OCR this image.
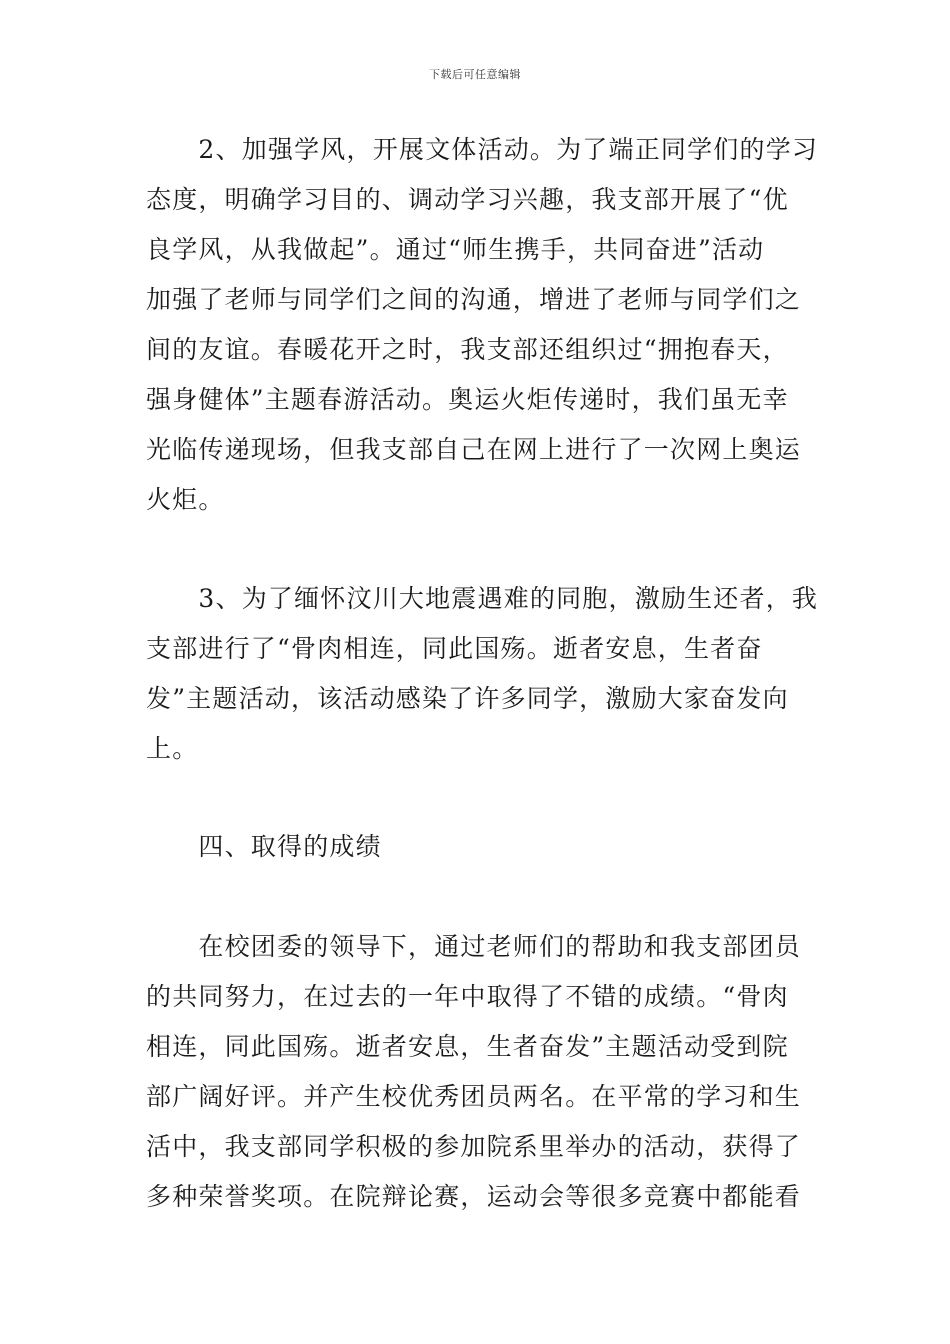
下载后可任意编辑
　　2、加强学风，开展文体活动。为了端正同学们的学习
态度，明确学习目的、调动学习兴趣，我支部开展了“优
良学风，从我做起”。通过“师生携手，共同奋进”活动
加强了老师与同学们之间的沟通，增进了老师与同学们之
间的友谊。春暖花开之时，我支部还组织过“拥抱春天，
强身健体”主题春游活动。奥运火炬传递时，我们虽无幸
光临传递现场，但我支部自己在网上进行了一次网上奥运
火炬。
　　3、为了缅怀汶川大地震遇难的同胞，激励生还者，我
支部进行了“骨肉相连，同此国殇。逝者安息，生者奋
发”主题活动，该活动感染了许多同学，激励大家奋发向
上。
　　四、取得的成绩
　　在校团委的领导下，通过老师们的帮助和我支部团员
的共同努力，在过去的一年中取得了不错的成绩。“骨肉
相连，同此国殇。逝者安息，生者奋发”主题活动受到院
部广阔好评。并产生校优秀团员两名。在平常的学习和生
活中，我支部同学积极的参加院系里举办的活动，获得了
多种荣誉奖项。在院辩论赛，运动会等很多竞赛中都能看
